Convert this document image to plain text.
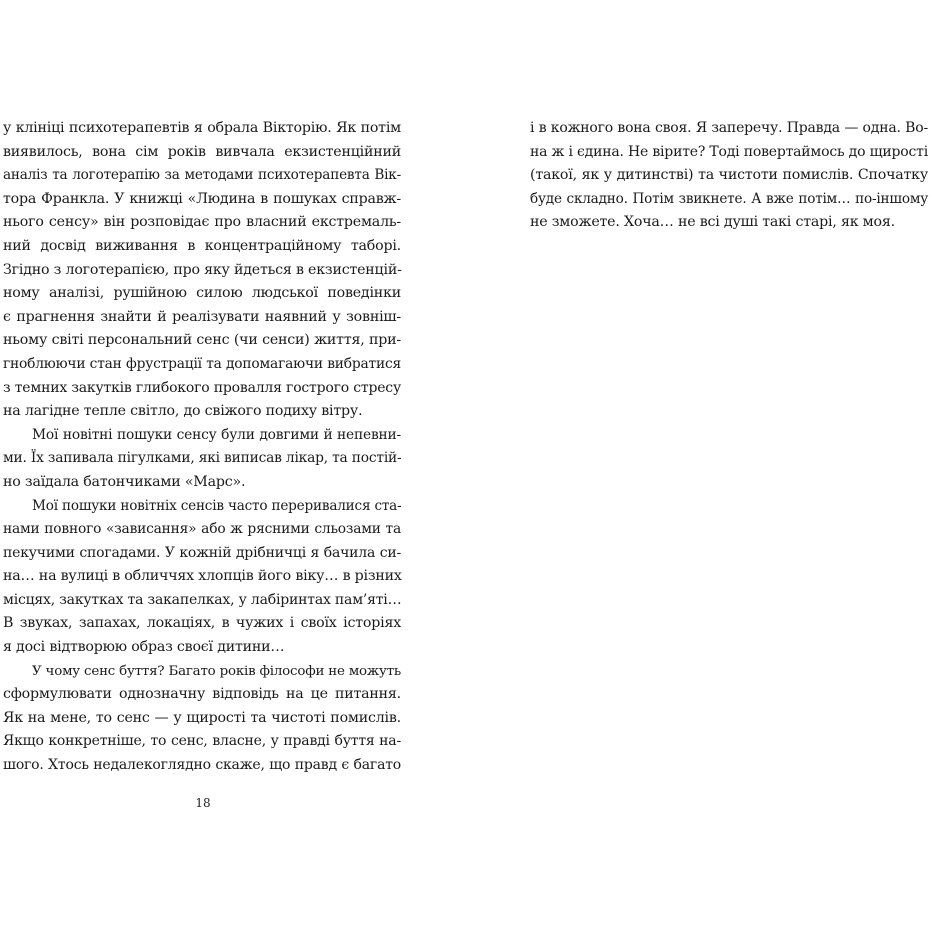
у клініці психотерапевтів я обрала Вікторію. Як потім
виявилось, вона сім років вивчала екзистенційний
аналіз та логотерапію за методами психотерапевта Вік-
тора Франкла. У книжці «Людина в пошуках справж-
нього сенсу» він розповідає про власний екстремаль-
ний досвід виживання в концентраційному таборі.
Згідно з логотерапією, про яку йдеться в екзистенцій-
ному аналізі, рушійною силою людської поведінки
є прагнення знайти й реалізувати наявний у зовніш-
ньому світі персональний сенс (чи сенси) життя, при-
гноблюючи стан фрустрації та допомагаючи вибратися
з темних закутків глибокого провалля гострого стресу
на лагідне тепле світло, до свіжого подиху вітру.
Мої новітні пошуки сенсу були довгими й непевни-
ми. Їх запивала пігулками, які виписав лікар, та постій-
но заїдала батончиками «Марс».
Мої пошуки новітніх сенсів часто переривалися ста-
нами повного «зависання» або ж рясними сльозами та
пекучими спогадами. У кожній дрібничці я бачила си-
на… на вулиці в обличчях хлопців його віку… в різних
місцях, закутках та закапелках, у лабіринтах пам’яті…
В звуках, запахах, локаціях, в чужих і своїх історіях
я досі відтворюю образ своєї дитини…
У чому сенс буття? Багато років філософи не можуть
сформулювати однозначну відповідь на це питання.
Як на мене, то сенс — у щирості та чистоті помислів.
Якщо конкретніше, то сенс, власне, у правді буття на-
шого. Хтось недалекоглядно скаже, що правд є багато
18
і в кожного вона своя. Я заперечу. Правда — одна. Во-
на ж і єдина. Не вірите? Тоді повертаймось до щирості
(такої, як у дитинстві) та чистоти помислів. Спочатку
буде складно. Потім звикнете. А вже потім… по-іншому
не зможете. Хоча… не всі душі такі старі, як моя.
